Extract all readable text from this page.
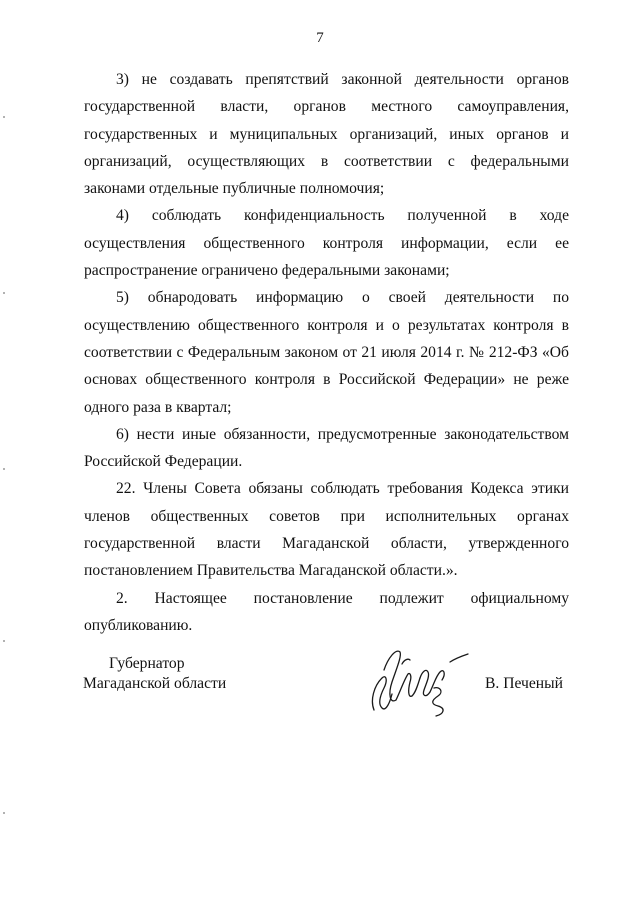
7

3) не создавать препятствий законной деятельности органов государственной власти, органов местного самоуправления, государственных и муниципальных организаций, иных органов и организаций, осуществляющих в соответствии с федеральными законами отдельные публичные полномочия;

4) соблюдать конфиденциальность полученной в ходе осуществления общественного контроля информации, если ее распространение ограничено федеральными законами;

5) обнародовать информацию о своей деятельности по осуществлению общественного контроля и о результатах контроля в соответствии с Федеральным законом от 21 июля 2014 г. № 212-ФЗ «Об основах общественного контроля в Российской Федерации» не реже одного раза в квартал;

6) нести иные обязанности, предусмотренные законодательством Российской Федерации.

22. Члены Совета обязаны соблюдать требования Кодекса этики членов общественных советов при исполнительных органах государственной власти Магаданской области, утвержденного постановлением Правительства Магаданской области.».

2. Настоящее постановление подлежит официальному опубликованию.

Губернатор
Магаданской области	В. Печеный
